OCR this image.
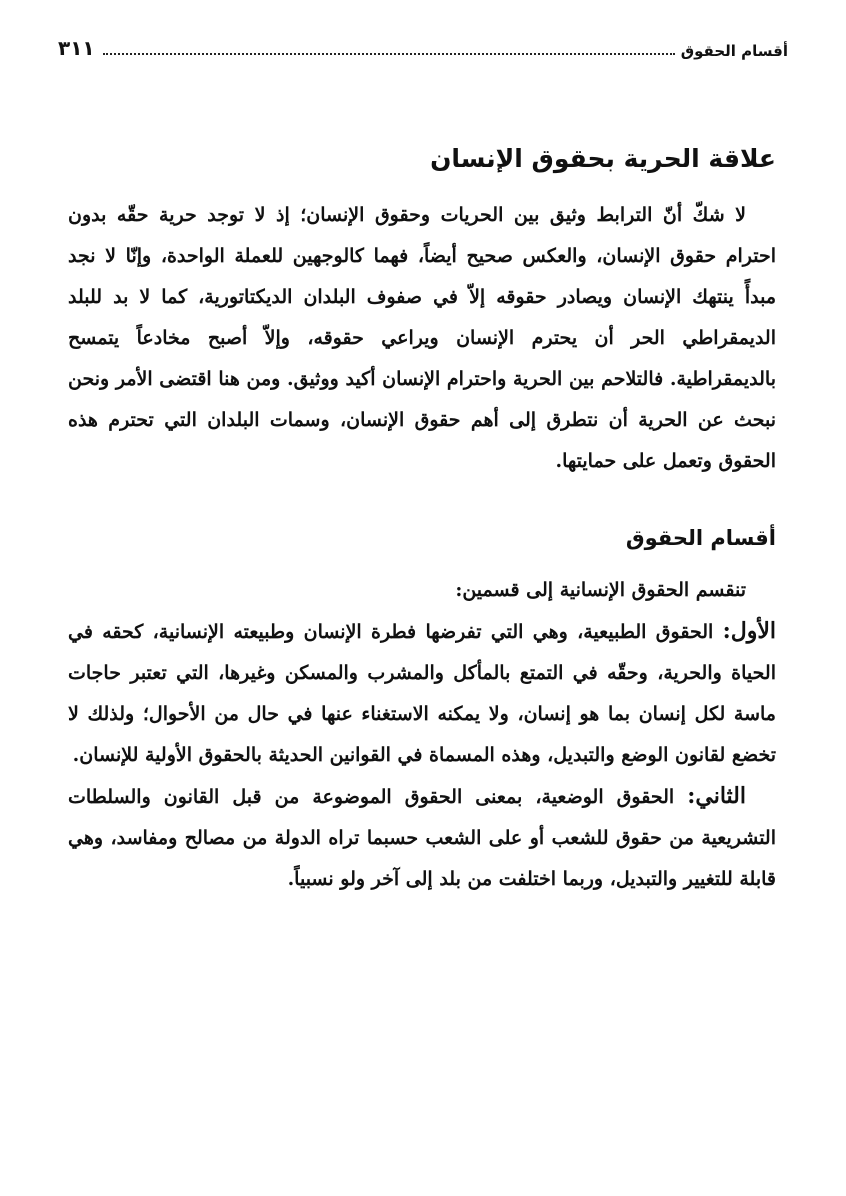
أقسام الحقوق
٣١١
علاقة الحرية بحقوق الإنسان

لا شكّ أنّ الترابط وثيق بين الحريات وحقوق الإنسان؛ إذ لا توجد حرية حقّه بدون احترام حقوق الإنسان، والعكس صحيح أيضاً، فهما كالوجهين للعملة الواحدة، وإنّا لا نجد مبدأً ينتهك الإنسان ويصادر حقوقه إلاّ في صفوف البلدان الديكتاتورية، كما لا بد للبلد الديمقراطي الحر أن يحترم الإنسان ويراعي حقوقه، وإلاّ أصبح مخادعاً يتمسح بالديمقراطية. فالتلاحم بين الحرية واحترام الإنسان أكيد ووثيق. ومن هنا اقتضى الأمر ونحن نبحث عن الحرية أن نتطرق إلى أهم حقوق الإنسان، وسمات البلدان التي تحترم هذه الحقوق وتعمل على حمايتها.

أقسام الحقوق

تنقسم الحقوق الإنسانية إلى قسمين:

الأول: الحقوق الطبيعية، وهي التي تفرضها فطرة الإنسان وطبيعته الإنسانية، كحقه في الحياة والحرية، وحقّه في التمتع بالمأكل والمشرب والمسكن وغيرها، التي تعتبر حاجات ماسة لكل إنسان بما هو إنسان، ولا يمكنه الاستغناء عنها في حال من الأحوال؛ ولذلك لا تخضع لقانون الوضع والتبديل، وهذه المسماة في القوانين الحديثة بالحقوق الأولية للإنسان.

الثاني: الحقوق الوضعية، بمعنى الحقوق الموضوعة من قبل القانون والسلطات التشريعية من حقوق للشعب أو على الشعب حسبما تراه الدولة من مصالح ومفاسد، وهي قابلة للتغيير والتبديل، وربما اختلفت من بلد إلى آخر ولو نسبياً.
